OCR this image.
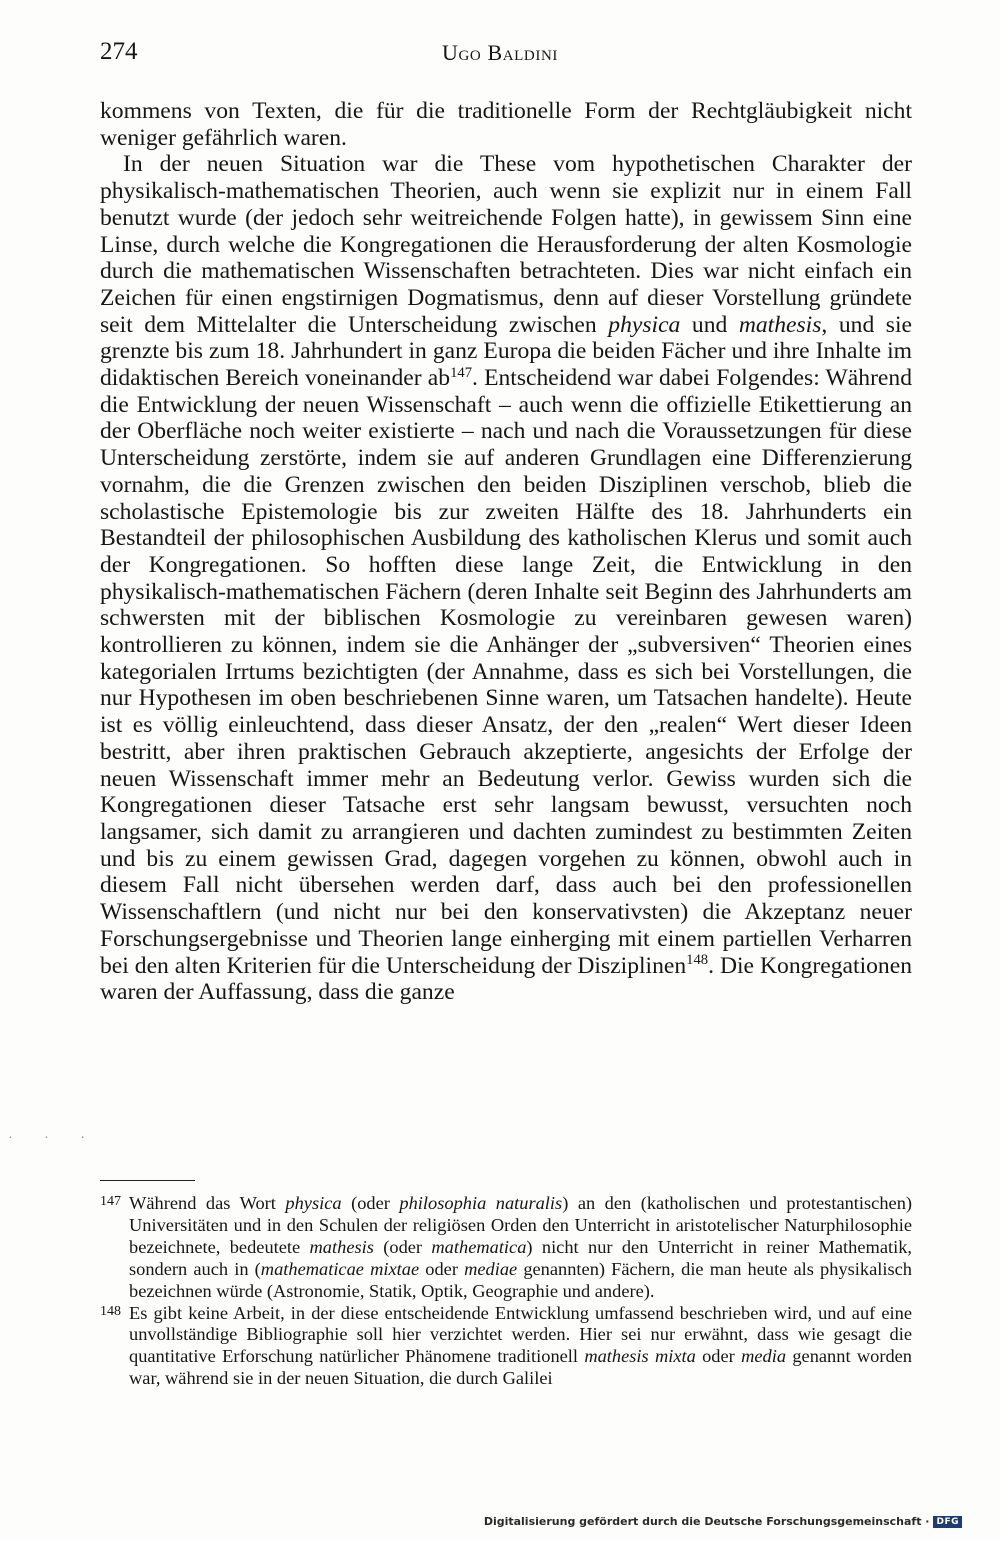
274	Ugo Baldini

kommens von Texten, die für die traditionelle Form der Rechtgläubigkeit nicht weniger gefährlich waren.

In der neuen Situation war die These vom hypothetischen Charakter der physikalisch-mathematischen Theorien, auch wenn sie explizit nur in einem Fall benutzt wurde (der jedoch sehr weitreichende Folgen hatte), in gewissem Sinn eine Linse, durch welche die Kongregationen die Herausforderung der alten Kosmologie durch die mathematischen Wissenschaften betrachteten. Dies war nicht einfach ein Zeichen für einen engstirnigen Dogmatismus, denn auf dieser Vorstellung gründete seit dem Mittelalter die Unterscheidung zwischen physica und mathesis, und sie grenzte bis zum 18. Jahrhundert in ganz Europa die beiden Fächer und ihre Inhalte im didaktischen Bereich voneinander $ab^{147}$. Entscheidend war dabei Folgendes: Während die Entwicklung der neuen Wissenschaft – auch wenn die offizielle Etikettierung an der Oberfläche noch weiter existierte – nach und nach die Voraussetzungen für diese Unterscheidung zerstörte, indem sie auf anderen Grundlagen eine Differenzierung vornahm, die die Grenzen zwischen den beiden Disziplinen verschob, blieb die scholastische Epistemologie bis zur zweiten Hälfte des 18. Jahrhunderts ein Bestandteil der philosophischen Ausbildung des katholischen Klerus und somit auch der Kongregationen. So hofften diese lange Zeit, die Entwicklung in den physikalisch-mathematischen Fächern (deren Inhalte seit Beginn des Jahrhunderts am schwersten mit der biblischen Kosmologie zu vereinbaren gewesen waren) kontrollieren zu können, indem sie die Anhänger der „subversiven“ Theorien eines kategorialen Irrtums bezichtigten (der Annahme, dass es sich bei Vorstellungen, die nur Hypothesen im oben beschriebenen Sinne waren, um Tatsachen handelte). Heute ist es völlig einleuchtend, dass dieser Ansatz, der den „realen“ Wert dieser Ideen bestritt, aber ihren praktischen Gebrauch akzeptierte, angesichts der Erfolge der neuen Wissenschaft immer mehr an Bedeutung verlor. Gewiss wurden sich die Kongregationen dieser Tatsache erst sehr langsam bewusst, versuchten noch langsamer, sich damit zu arrangieren und dachten zumindest zu bestimmten Zeiten und bis zu einem gewissen Grad, dagegen vorgehen zu können, obwohl auch in diesem Fall nicht übersehen werden darf, dass auch bei den professionellen Wissenschaftlern (und nicht nur bei den konservativsten) die Akzeptanz neuer Forschungsergebnisse und Theorien lange einherging mit einem partiellen Verharren bei den alten Kriterien für die Unterscheidung der Disziplinen$^{148}$. Die Kongregationen waren der Auffassung, dass die ganze

147 Während das Wort physica (oder philosophia naturalis) an den (katholischen und protestantischen) Universitäten und in den Schulen der religiösen Orden den Unterricht in aristotelischer Naturphilosophie bezeichnete, bedeutete mathesis (oder mathematica) nicht nur den Unterricht in reiner Mathematik, sondern auch in (mathematicae mixtae oder mediae genannten) Fächern, die man heute als physikalisch bezeichnen würde (Astronomie, Statik, Optik, Geographie und andere).
148 Es gibt keine Arbeit, in der diese entscheidende Entwicklung umfassend beschrieben wird, und auf eine unvollständige Bibliographie soll hier verzichtet werden. Hier sei nur erwähnt, dass wie gesagt die quantitative Erforschung natürlicher Phänomene traditionell mathesis mixta oder media genannt worden war, während sie in der neuen Situation, die durch Galilei
· · ·
Digitalisierung gefördert durch die Deutsche Forschungsgemeinschaft · DFG
